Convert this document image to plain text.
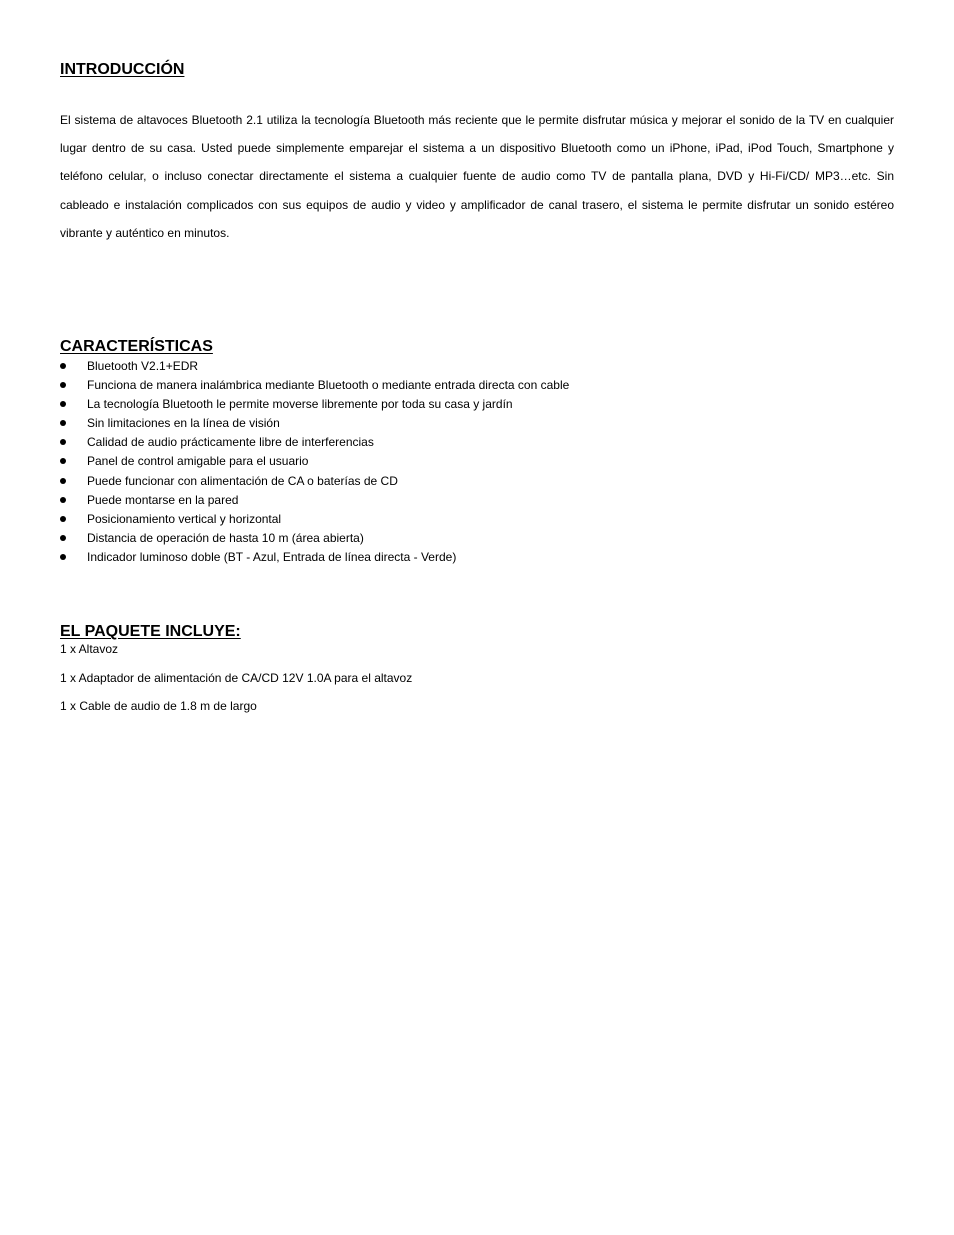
INTRODUCCIÓN

El sistema de altavoces Bluetooth 2.1 utiliza la tecnología Bluetooth más reciente que le permite disfrutar música y mejorar el sonido de la TV en cualquier lugar dentro de su casa. Usted puede simplemente emparejar el sistema a un dispositivo Bluetooth como un iPhone, iPad, iPod Touch, Smartphone y teléfono celular, o incluso conectar directamente el sistema a cualquier fuente de audio como TV de pantalla plana, DVD y Hi-Fi/CD/ MP3…etc. Sin cableado e instalación complicados con sus equipos de audio y video y amplificador de canal trasero, el sistema le permite disfrutar un sonido estéreo vibrante y auténtico en minutos.

CARACTERÍSTICAS
Bluetooth V2.1+EDR
Funciona de manera inalámbrica mediante Bluetooth o mediante entrada directa con cable
La tecnología Bluetooth le permite moverse libremente por toda su casa y jardín
Sin limitaciones en la línea de visión
Calidad de audio prácticamente libre de interferencias
Panel de control amigable para el usuario
Puede funcionar con alimentación de CA o baterías de CD
Puede montarse en la pared
Posicionamiento vertical y horizontal
Distancia de operación de hasta 10 m (área abierta)
Indicador luminoso doble (BT - Azul, Entrada de línea directa - Verde)
EL PAQUETE INCLUYE:
1 x Altavoz
1 x Adaptador de alimentación de CA/CD 12V 1.0A para el altavoz
1 x Cable de audio de 1.8 m de largo
